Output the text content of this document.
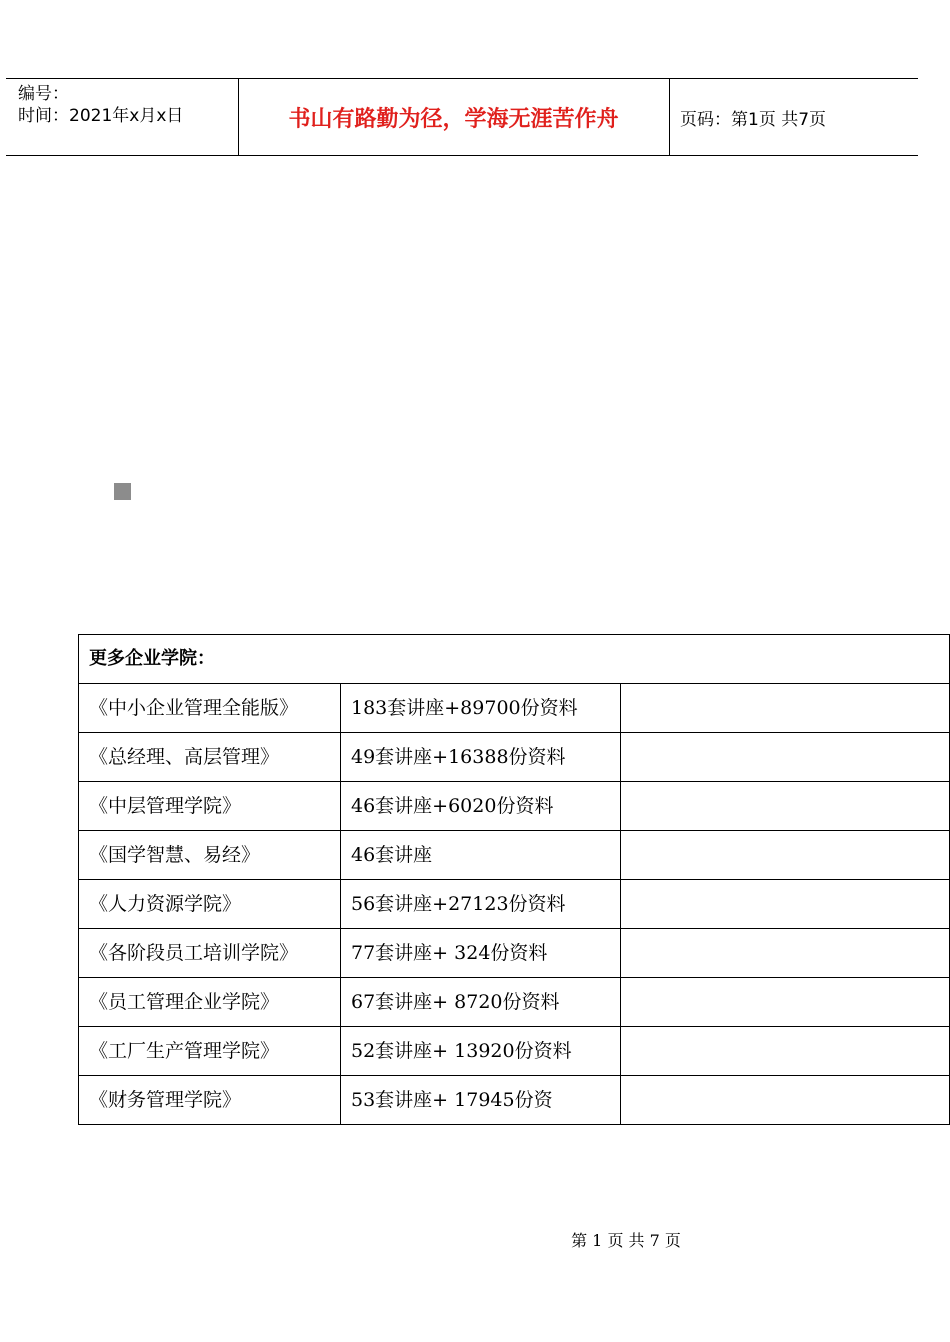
编号：
时间：2021年x月x日	书山有路勤为径，学海无涯苦作舟	页码：第1页 共7页
更多企业学院：		
《中小企业管理全能版》	183套讲座+89700份资料	
《总经理、高层管理》	49套讲座+16388份资料	
《中层管理学院》	46套讲座+6020份资料	
《国学智慧、易经》	46套讲座	
《人力资源学院》	56套讲座+27123份资料	
《各阶段员工培训学院》	77套讲座+ 324份资料	
《员工管理企业学院》	67套讲座+ 8720份资料	
《工厂生产管理学院》	52套讲座+ 13920份资料	
《财务管理学院》	53套讲座+ 17945份资	
第 1 页 共 7 页
